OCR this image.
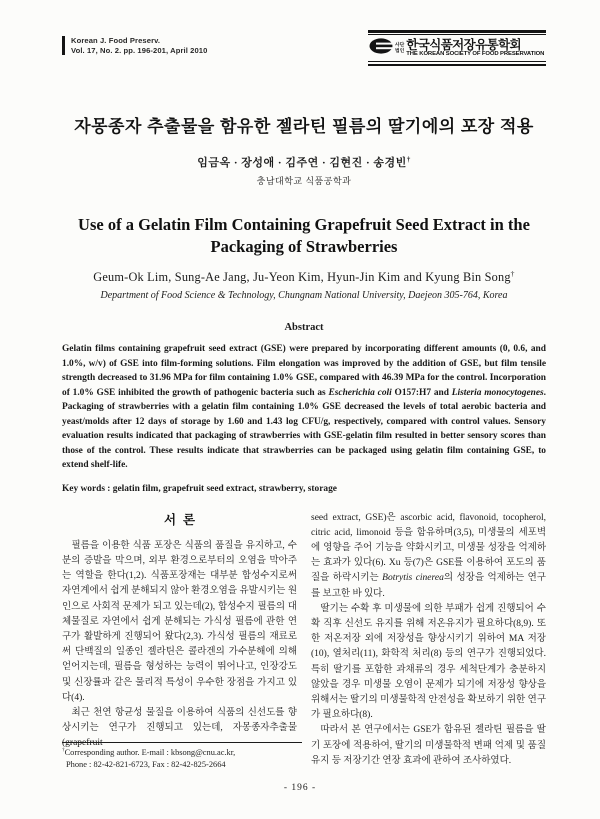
Korean J. Food Preserv.
Vol. 17, No. 2. pp. 196-201, April 2010	사단
법인 한국식품저장유통학회
THE KOREAN SOCIETY OF FOOD PRESERVATION
자몽종자 추출물을 함유한 젤라틴 필름의 딸기에의 포장 적용
임금옥 · 장성애 · 김주연 · 김현진 · 송경빈†
충남대학교 식품공학과
Use of a Gelatin Film Containing Grapefruit Seed Extract in the Packaging of Strawberries
Geum-Ok Lim, Sung-Ae Jang, Ju-Yeon Kim, Hyun-Jin Kim and Kyung Bin Song†
Department of Food Science & Technology, Chungnam National University, Daejeon 305-764, Korea
Abstract
Gelatin films containing grapefruit seed extract (GSE) were prepared by incorporating different amounts (0, 0.6, and 1.0%, w/v) of GSE into film-forming solutions. Film elongation was improved by the addition of GSE, but film tensile strength decreased to 31.96 MPa for film containing 1.0% GSE, compared with 46.39 MPa for the control. Incorporation of 1.0% GSE inhibited the growth of pathogenic bacteria such as Escherichia coli O157:H7 and Listeria monocytogenes. Packaging of strawberries with a gelatin film containing 1.0% GSE decreased the levels of total aerobic bacteria and yeast/molds after 12 days of storage by 1.60 and 1.43 log CFU/g, respectively, compared with control values. Sensory evaluation results indicated that packaging of strawberries with GSE-gelatin film resulted in better sensory scores than those of the control. These results indicate that strawberries can be packaged using gelatin film containing GSE, to extend shelf-life.
Key words : gelatin film, grapefruit seed extract, strawberry, storage
서  론

필름을 이용한 식품 포장은 식품의 품질을 유지하고, 수분의 증발을 막으며, 외부 환경으로부터의 오염을 막아주는 역할을 한다(1,2). 식품포장재는 대부분 합성수지로써 자연계에서 쉽게 분해되지 않아 환경오염을 유발시키는 원인으로 사회적 문제가 되고 있는데(2), 합성수지 필름의 대체물질로 자연에서 쉽게 분해되는 가식성 필름에 관한 연구가 활발하게 진행되어 왔다(2,3). 가식성 필름의 재료로써 단백질의 일종인 젤라틴은 콜라겐의 가수분해에 의해 얻어지는데, 필름을 형성하는 능력이 뛰어나고, 인장강도 및 신장률과 같은 물리적 특성이 우수한 장점을 가지고 있다(4).

최근 천연 항균성 물질을 이용하여 식품의 신선도를 향상시키는 연구가 진행되고 있는데, 자몽종자추출물(grapefruit

seed extract, GSE)은 ascorbic acid, flavonoid, tocopherol, citric acid, limonoid 등을 함유하며(3,5), 미생물의 세포벽에 영향을 주어 기능을 약화시키고, 미생물 성장을 억제하는 효과가 있다(6). Xu 등(7)은 GSE를 이용하여 포도의 품질을 하락시키는 Botrytis cinerea의 성장을 억제하는 연구를 보고한 바 있다.

딸기는 수확 후 미생물에 의한 부패가 쉽게 진행되어 수확 직후 신선도 유지를 위해 저온유지가 필요하다(8,9). 또한 저온저장 외에 저장성을 향상시키기 위하여 MA 저장(10), 열처리(11), 화학적 처리(8) 등의 연구가 진행되었다. 특히 딸기를 포함한 과채류의 경우 세척단계가 충분하지 않았을 경우 미생물 오염이 문제가 되기에 저장성 향상을 위해서는 딸기의 미생물학적 안전성을 확보하기 위한 연구가 필요하다(8).

따라서 본 연구에서는 GSE가 함유된 젤라틴 필름을 딸기 포장에 적용하여, 딸기의 미생물학적 변패 억제 및 품질유지 등 저장기간 연장 효과에 관하여 조사하였다.

†Corresponding author. E-mail : kbsong@cnu.ac.kr,
Phone : 82-42-821-6723, Fax : 82-42-825-2664
- 196 -
